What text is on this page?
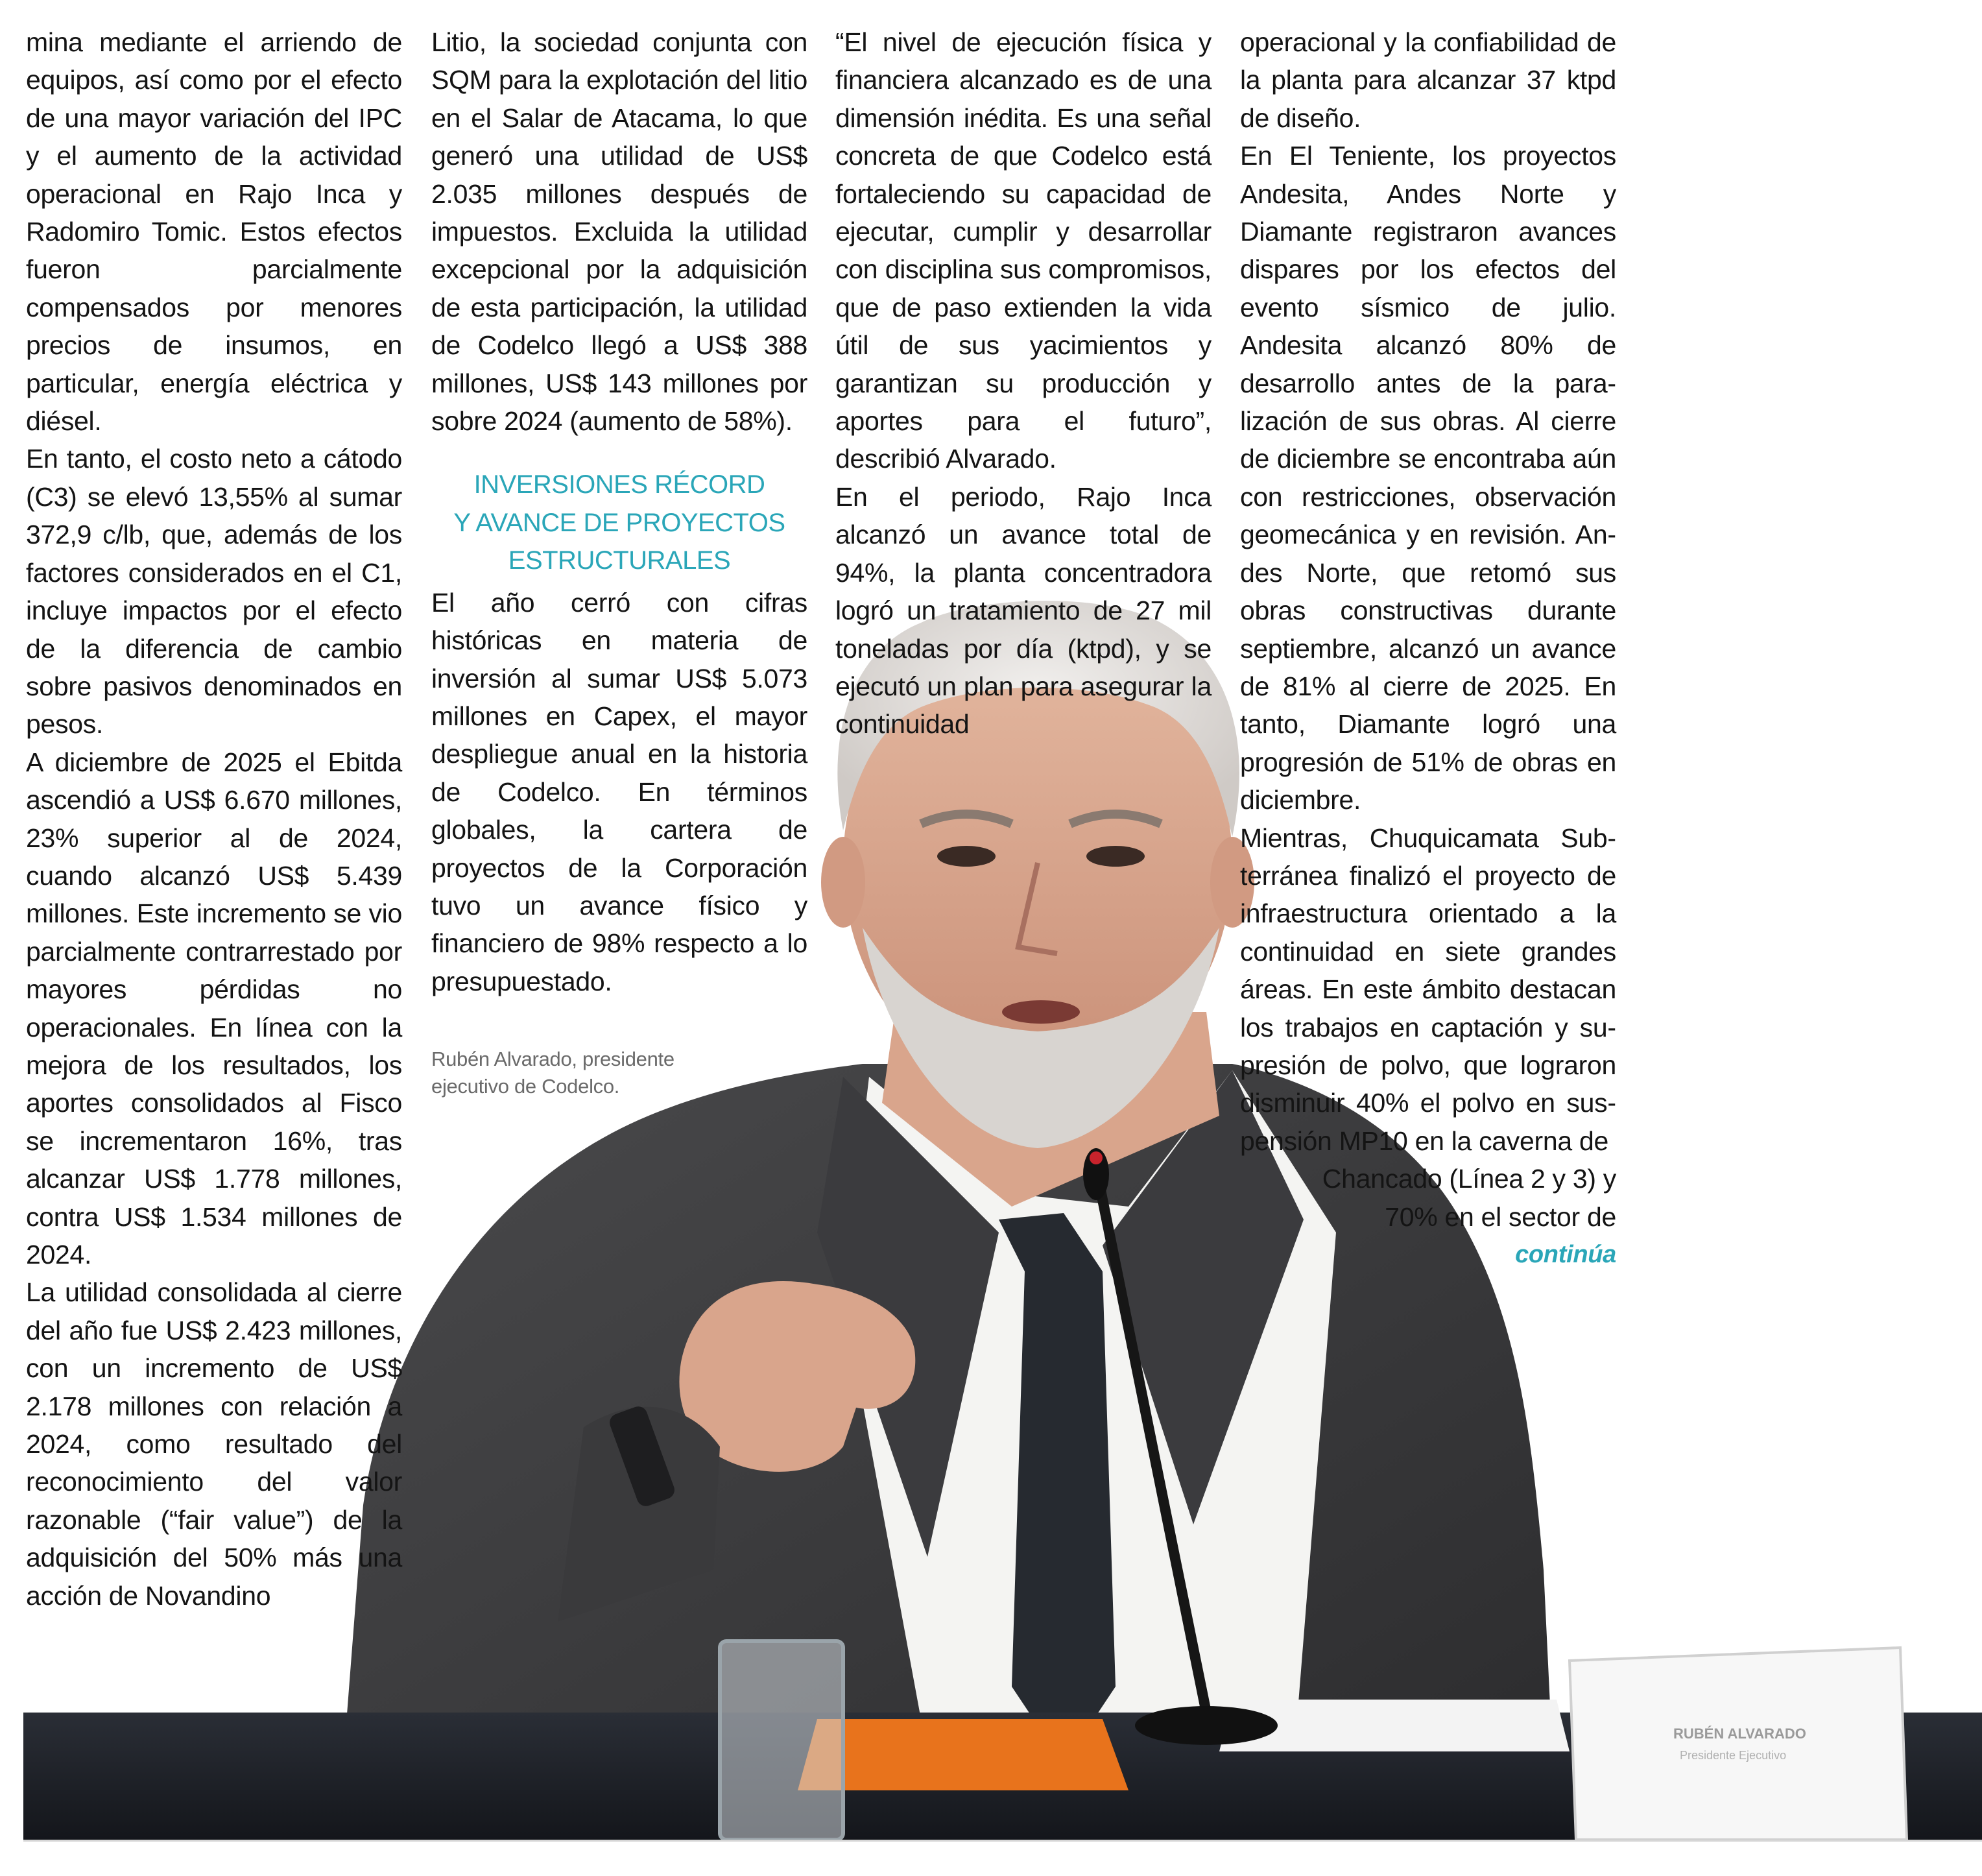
RUBÉN ALVARADO
Presidente Ejecutivo

mina mediante el arriendo de equipos, así como por el efecto de una mayor variación del IPC y el aumento de la actividad operacional en Rajo Inca y Radomiro Tomic. Estos efectos fueron parcialmente compensados por menores precios de insumos, en particular, energía eléctrica y diésel.

En tanto, el costo neto a cátodo (C3) se elevó 13,55% al sumar 372,9 c/lb, que, además de los factores considerados en el C1, incluye impactos por el efecto de la diferencia de cambio sobre pasivos denominados en pesos.

A diciembre de 2025 el Ebitda ascendió a US$ 6.670 millones, 23% superior al de 2024, cuando alcanzó US$ 5.439 millones. Este incremento se vio parcialmente contrarrestado por mayores pérdidas no operacionales. En línea con la mejora de los resultados, los aportes consolidados al Fisco se incrementaron 16%, tras alcanzar US$ 1.778 millones, contra US$ 1.534 millones de 2024.

La utilidad consolidada al cierre del año fue US$ 2.423 millones, con un incremento de US$ 2.178 millones con relación a 2024, como resultado del reconocimiento del valor razonable (“fair value”) de la adquisición del 50% más una acción de Novandino

Litio, la sociedad conjunta con SQM para la explotación del litio en el Salar de Atacama, lo que generó una utilidad de US$ 2.035 millones después de impuestos. Excluida la utilidad excepcional por la adquisición de esta participación, la utilidad de Codelco llegó a US$ 388 millones, US$ 143 millones por sobre 2024 (aumento de 58%).

INVERSIONES RÉCORD
Y AVANCE DE PROYECTOS
ESTRUCTURALES

El año cerró con cifras históricas en materia de inversión al sumar US$ 5.073 millones en Capex, el mayor despliegue anual en la historia de Codelco. En términos globales, la cartera de proyectos de la Corporación tuvo un avance físico y financiero de 98% respecto a lo presupuestado.

Rubén Alvarado, presidente
ejecutivo de Codelco.

“El nivel de ejecución física y financiera alcanzado es de una dimensión inédita. Es una señal concreta de que Codelco está fortaleciendo su capacidad de ejecutar, cumplir y desarrollar con disciplina sus compromisos, que de paso extienden la vida útil de sus yacimientos y garantizan su producción y aportes para el futuro”, describió Alvarado.

En el periodo, Rajo Inca alcanzó un avance total de 94%, la planta concentradora logró un tratamiento de 27 mil toneladas por día (ktpd), y se ejecutó un plan para asegurar la continuidad

operacional y la confiabilidad de la planta para alcanzar 37 ktpd de diseño.

En El Teniente, los proyectos Andesita, Andes Norte y Diamante registraron avances dispares por los efectos del evento sísmico de julio. Andesita alcanzó 80% de desarrollo antes de la paralización de sus obras. Al cierre de diciembre se encontraba aún con restricciones, observación geomecánica y en revisión. Andes Norte, que retomó sus obras constructivas durante septiembre, alcanzó un avance de 81% al cierre de 2025. En tanto, Diamante logró una progresión de 51% de obras en diciembre.

Mientras, Chuquicamata Subterránea finalizó el proyecto de infraestructura orientado a la continuidad en siete grandes áreas. En este ámbito destacan los trabajos en captación y supresión de polvo, que lograron disminuir 40% el polvo en suspensión MP10 en la caverna de

Chancado (Línea 2 y 3) y

70% en el sector de

continúa
